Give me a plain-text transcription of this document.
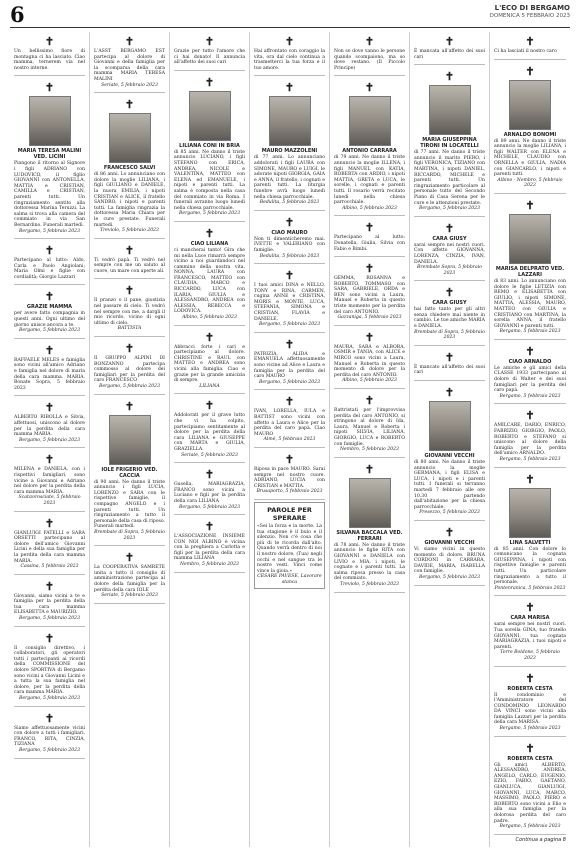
6	L'ECO DI BERGAMO
DOMENICA 5 FEBBRAIO 2023
✝

Un bellissimo fiore di montagna ci ha lasciato. Ciao mamma, ternerem via nel nostro interne.

✝
MARIA TERESA MALINI VED. LICINI

Piangono il ritorno al Signore i figli ADRIANO con LUDOVICO, il figlio GIOVANNI con ANTONELLA, MATTIA e CRISTIAN, CAMILLA e CRISTIAN, parenti tutti. Un ringraziamento sentito alla dottoressa Marina Teruzzi. La salma si trova alla camera del commiato in via San Bernardino. Funerali martedì.

Bergamo, 5 febbraio 2023
✝

Partecipano al lutto: Aldo, Carla e Paolo Angiolani; Maria Olmi e figlie con cordialità; Giorgio Lazzari

✝
GRAZIE MAMMA

per avere fatto compagnia in questi anni. Ogni ultimo del giorno unisce ancora a te.

Bergamo, 5 febbraio 2023
✝

RAFFAELE MELES e famiglia sono vicini all'amico Adriano e famiglia nel dolore di maria della cara mamma. MARIA. Bonate Sopra, 5 febbraio 2023

✝

ALBERTO RIBOLLA e Silvia, affettuosi, uniscono al dolore per la perdita della cara mamma MARIA.

Bergamo, 5 febbraio 2023
✝

MILENA e DANIELA, con i rispettivi famigliari, sono vicine a Giovanni e Adriano nel dolore per la perdita della cara mamma MARIA.

Scanzorosciate, 5 febbraio 2023
✝

GIANLUIGI FATELLI e SARA ORSETTI partecipano al dolore dell'amico Giovanni Licini e della sua famiglia per la perdita della cara mamma MARIA.

Cassina, 5 febbraio 2023
✝

Giovanni, siamo vicini a te e famiglia per la perdita della tua cara mamma ELISABETTA e MAURIZIO.

Bergamo, 5 febbraio 2023
✝

Il consiglio direttivo, i collaboratori, gli operatori tutti i partecipanti ai ricordi della COMMISSIONE del dolore SPORTIVA di Bergamo sono vicini a Giovanni Licini e a tutta la sua famiglia nel dolore, per la perdita della cara mamma MARIA.

Bergamo, 5 febbraio 2023
✝

Siamo affettuosamente vicini con dolore a tutti i famigliari. FRANCO, RITA, CINZIA, TIZIANA

Bergamo, 5 febbraio 2023
✝

L'ASST BERGAMO EST partecipa al dolore di Giovanni e della famiglia per la scomparsa della cara mamma MARIA TERESA MALINI

Seriate, 5 febbraio 2023
✝
FRANCESCO SALVI

di 86 anni. Lo annunciano con dolore la moglie LILIANA, i figli GIULIANO e DANIELE, la nuora EMILIA, i nipoti CRISTIAN e ALICE, il fratello SANDRO, i nipoti e parenti tutti. La famiglia ringrazia la dottoressa Maria Chiara per le cure prestate. Funerali martedì.

Treviolo, 5 febbraio 2023
✝

Ti vedrò papà. Ti vedrò nel sempre con me un saluto al cuore, un mare con aperte ali.

✝

Il pranzo o il pane, giustizia nel passare di cielo. Ti vedrò nel sempre con me, a dargli il mio ricordo, vicino di ogni ultimo di cielo.

BATTISTA
✝

Il GRUPPO ALPINI DI BONZANNO partecipa commosso al dolore dei famigliari per la perdita del caro FRANCESCO

Bergamo, 5 febbraio 2023
✝
IOLE FRIGERIO VED. CACCIA

di 90 anni. Ne danno il triste annuncio i figli LUCIA, LORENZO e SARA con le rispettive famiglie, il compagno ANGELO e i parenti tutti. Un ringraziamento a tutto il personale della casa di riposo. Funerali martedì.

Brembate di Sopra, 5 febbraio 2023
✝

La COOPERATIVA SAMRETE unita a tutto il consiglio di amministrazione partecipa al dolore della famiglia per la perdita della cara IOLE

Seriate, 5 febbraio 2023
✝

Grazie per tutto l'amore che ci hai donato! Il annuncia all'affetto dei suoi cari

✝
LILIANA CONI IN BRIA

di 85 anni. Ne danno il triste annuncio LUCIANO, i figli STEFANO con ERICA, ANDREA, NICOLE e VALENTINA, MATTEO con ELENA ed EMANUELE, i nipoti e parenti tutti. La salma è composta nella casa del commiato in via Roma. I funerali avranno luogo lunedì nella chiesa parrocchiale.

Bergamo, 5 febbraio 2023
✝
CIAO LILIANA

ci mancherai tanto! Gira che mi nella Luce rimarrà sempre vicino a noi guardandoci nel cammino della nostra vita. NONNA, LAURA con FRANCESCO, MATTEO con CLAUDIA, MARCO e RICCARDO, LUCA con ILARIA, GIULIA e ALESSANDRO, ANDREA con ALESSIA, REBECCA e LODOVICA.

Albino, 5 febbraio 2023
✝

Abbracci forte i cari e partecipiamo al dolore. CHRISTINE e RAUL con MATTEO e ANDREA sono vicini alla famiglia. Ciao e grazie per la grande amicizia di sempre.

LILIANA
✝

Addolorati per il grave lutto che vi ha colpito, partecipiamo sentitamente al dolore per la perdita della cara LILIANA e GIUSEPPE con MARTA e GIULIA, GRAZIELLA.

Seriate, 5 febbraio 2023
✝

Gusella, MARIAGRAZIA, FRANCO sono vicini a Luciano e figli per la perdita della cara LILIANA

Bergamo, 5 febbraio 2023
✝

L'ASSOCIAZIONE INSIEME CON NOI ALBINO è vicina con la preghiera a Carlotta e figli per la perdita della cara mamma LILIANA

Nembro, 5 febbraio 2023
✝

Hai affrontato con coraggio la vita, ora dal cielo continua a trasmetterci la tua forza e il tuo amore.

✝
MAURO MAZZOLENI

di 77 anni. Lo annunciano addolorati i figli LAURA con SIMONE, MAURO e LUIGI, le adorate nipoti GIORGIA, GAIA e ANNA, il fratello, i cognati e parenti tutti. La liturgia funebre avrà luogo lunedì nella chiesa parrocchiale.

Bedulita, 5 febbraio 2023
✝
CIAO MAURO

Non ti dimenticheremo mai. IVETTE e VALERIANO con famiglie.

Bedulita, 5 febbraio 2023
✝

I tuoi amici DINA e NELLO, TONY e RINA, CARMEN, cugina ANNE e CRISTINA, MORIS e MONTE, LUCA, STEFANIA, SIMONA e CRISTIAN, FLAVIA e DANIELE.

Bergamo, 5 febbraio 2023
✝

PATRIZIA, ALIDA e EMANUELA affettuosamente sono vicine ad Alice e Laura e famiglia per la perdita del caro MAURO

Bergamo, 5 febbraio 2023
✝

IVAN, LORELLA, IULA e BATTIST sono vicini con affetto a Laura e Alice per la perdita del caro papà. Ciao MAURO

Almè, 5 febbraio 2023
✝

Riposa in pace MAURO. Sarai sempre nel nostro cuore. ADRIANO, LUCIA con CRISTIAN e MATTIA.

Brusaporto, 5 febbraio 2023
PAROLE PER SPERARE

«Sei la forza e la morte. La tua stagione è il buio e il silenzio. Non c'è cosa che più di te ricorda dall'alto. Quando verrà dentro di noi il nostro dolore, (Tua) negli occhi e nel sangue tra le nostre vesti. Vinci come vince la gioia.»

CESARE PAVESE, Lavorare stanca
✝

Non so dove vanno le persone quando scompaiono, ma so dove restano. (Il Piccolo Principe)

✝
ANTONIO CARRARA

di 79 anni. Ne danno il triste annuncio la moglie ILLENA, i figli MANUEL con KATIA, ROBERTA con ARDIO, i nipoti MATTIA, GRETA e LUCA, le sorelle, i cognati e parenti tutti. Il rosario verrà recitato lunedì nella chiesa parrocchiale.

Albino, 5 febbraio 2023
✝

Partecipano al lutto: Donatella, Giulia, Silvia con Fabio e Bimbi.

✝

GEMMA, ROSANNA e ROBERTO, TOMMASO con SARA, GABRIELE, ORDA e BEN sono vicini a Laura, Manuel e Roberta in questo triste momento per la perdita del caro ANTONIO.

Gazzaniga, 5 febbraio 2023
✝

MAURA, SARA e ALBORA, OSMIR e TANIA, con ALICE e MIRCO sono vicini a Laura, Manuel e Roberta in questo momento di dolore per la perdita del caro ANTONIO.

Albino, 5 febbraio 2023
✝

Rattristati per l'improvvisa perdita del caro ANTONIO, si stringono al dolore di Ida, Laura, Manuel e Roberta i nipoti SILVIA, LILIANA, GIORGIO, LUCA e ROBERTO con famiglie.

Nembro, 5 febbraio 2023
✝
SILVANA BACCALA VED. FERRARI

di 78 anni. Ne danno il triste annuncio le figlie RITA con GIOVANNI e DANIELA con LIVIO e MIA, i nipoti, le cognate e i parenti tutti. La salma riposa presso la casa del commiato.

Treviolo, 5 febbraio 2023
✝

È mancata all'affetto dei suoi cari

✝
MARIA GIUSEPPINA TIRONI IN LOCATELLI

di 77 anni. Ne danno il triste annuncio il marito PIERO, i figli VERONICA, TIZIANO con MARTINA, i nipoti DANIEL, RICCARDO, MICHELE e parenti tutti. Un ringraziamento particolare al personale tutto del Secondo Piano di Casa Serena per le cure e le attenzioni prestate.

Bergamo, 5 febbraio 2023
✝
CARA GIUSY

sarai sempre nei nostri cuori. Con affetto GIOVANNA, LORENZA, CINZIA, IVAN, DANIELA.

Brembate Sopra, 5 febbraio 2023
✝
CARA GIUSY

hai fatto tanto per gli altri senza chiedere mai niente in cambio. Le tue amiche MARIA e DANIELA.

Brembate di Sopra, 5 febbraio 2023
✝

È mancato all'affetto dei suoi cari

✝
GIOVANNI VECCHI

di 80 anni. Ne danno il triste annuncio la moglie GERMANA, i figli ELISA e LUCA, i nipoti e i parenti tutti. I funerali si terranno martedì 7 febbraio alle ore 10.30 partendo dall'abitazione per la chiesa parrocchiale.

Presezzo, 5 febbraio 2023
✝
GIOVANNI VECCHI

Vi siamo vicini in questo momento di dolore. BRUNA CORDONI in CARRARA, DAVIDE, MARIA, ISABELLA con famiglie.

Bergamo, 5 febbraio 2023
✝

Ci ha lasciati il nostro caro

✝
ARNALDO BONOMI

di 89 anni. Ne danno il triste annuncio la moglie LILIANA, i figli WALTER con ELENA e MICHELE, CLAUDIO con ORNELLA e GIULIA, NADIA con GIANCARLO, i nipoti e parenti tutti.

Albino - Nembro, 5 febbraio 2023
✝
MARISA DELPRATO VED. LAZZARI

di 83 anni. Lo annunciano con dolore le figlie LETIZIA con REMO e ELISABETTA con GIULIO, i nipoti SIMONE, MATTIA, ALESSIA, MAURO, MATTEO con GIULIA e CRISTIANO con MARTINA, la sorella ANNA, il fratello GIOVANNI e parenti tutti.

Bergamo, 5 febbraio 2023
✝
CIAO ARNALDO

Le amiche e gli amici della CLASSE 1933 partecipano al dolore di Walter e dei suoi famigliari per la perdita del caro papà.

Bergamo, 5 febbraio 2023
✝

AMILCARE, DARIO, ENRICO, FABRIZIO, GIORGIO, PAOLO, ROBERTO e STEFANO si uniscono al dolore della famiglia per la perdita dell'amico ARNALDO.

Bergamo, 5 febbraio 2023
✝
LINA SALVETTI

di 85 anni. Con dolore lo comunicano la cognata GIUSEPPINA, i nipoti con rispettive famiglie e parenti tutti. Un particolare ringraziamento a tutto il personale.

Pontenranica, 5 febbraio 2023
✝
CARA MARISA

sarai sempre nei nostri cuori. Tua sorella GINA, tuo fratello GIOVANNI, tua cognata MARIAGRAZIA, i tuoi nipoti e parenti.

Torre Boldone, 5 febbraio 2023
✝
ROBERTA CESTA

Il condominio e l'Amministratore del CONDOMINIO LEONARDO DA VINCI sono vicini alla famiglia Lazzari per la perdita della cara MARISA.

Bergamo, 5 febbraio 2023
✝
ROBERTA CESTA

Gli amici ALBERTO, ALESSANDRO, ANDREA, ANGELO, CARLO, EUGENIO, EZIO, FABIO, GAETANO, GIANLUCA, GIANLUIGI, GIOVANNI, LUCA, MARCO, MASSIMO, PAOLO, PIERO e ROBERTO sono vicini a Elio e alla sua famiglia per la dolorosa perdita del caro padre.

Bergamo, 5 febbraio 2023
Continua a pagina 8
